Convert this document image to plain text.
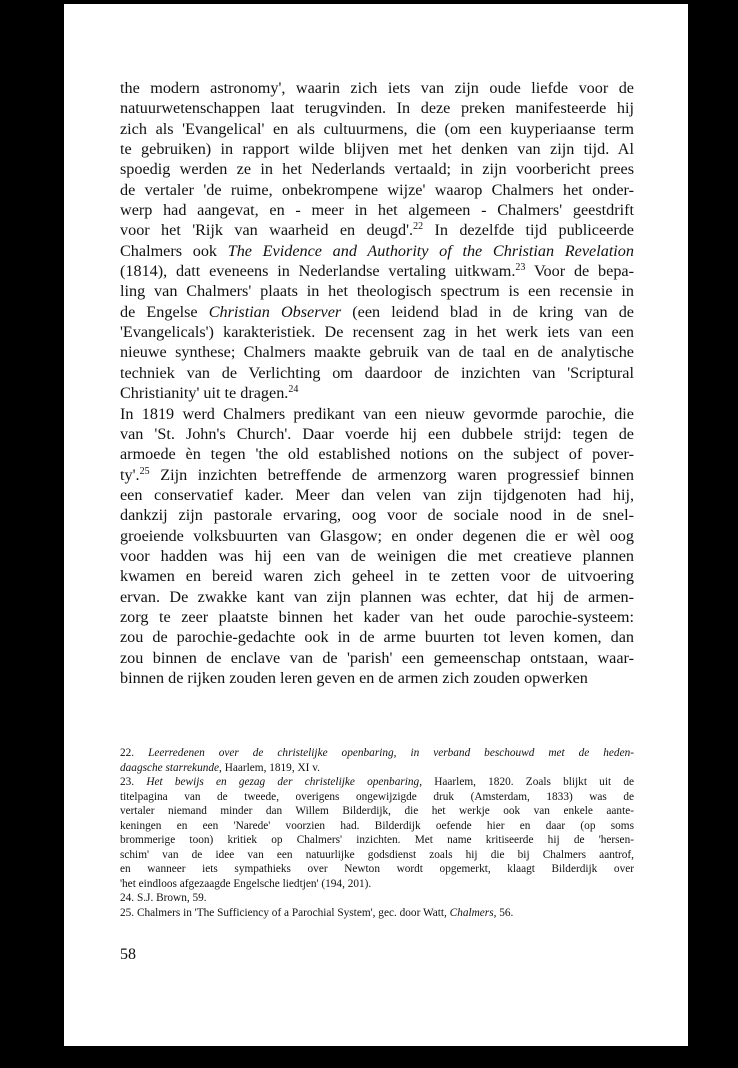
the modern astronomy', waarin zich iets van zijn oude liefde voor de
natuurwetenschappen laat terugvinden. In deze preken manifesteerde hij
zich als 'Evangelical' en als cultuurmens, die (om een kuyperiaanse term
te gebruiken) in rapport wilde blijven met het denken van zijn tijd. Al
spoedig werden ze in het Nederlands vertaald; in zijn voorbericht prees
de vertaler 'de ruime, onbekrompene wijze' waarop Chalmers het onder-
werp had aangevat, en - meer in het algemeen - Chalmers' geestdrift
voor het 'Rijk van waarheid en deugd'.$^{22}$ In dezelfde tijd publiceerde
Chalmers ook The Evidence and Authority of the Christian Revelation
(1814), datt eveneens in Nederlandse vertaling uitkwam.$^{23}$ Voor de bepa-
ling van Chalmers' plaats in het theologisch spectrum is een recensie in
de Engelse Christian Observer (een leidend blad in de kring van de
'Evangelicals') karakteristiek. De recensent zag in het werk iets van een
nieuwe synthese; Chalmers maakte gebruik van de taal en de analytische
techniek van de Verlichting om daardoor de inzichten van 'Scriptural
Christianity' uit te dragen.$^{24}$
In 1819 werd Chalmers predikant van een nieuw gevormde parochie, die
van 'St. John's Church'. Daar voerde hij een dubbele strijd: tegen de
armoede èn tegen 'the old established notions on the subject of pover-
ty'.$^{25}$ Zijn inzichten betreffende de armenzorg waren progressief binnen
een conservatief kader. Meer dan velen van zijn tijdgenoten had hij,
dankzij zijn pastorale ervaring, oog voor de sociale nood in de snel-
groeiende volksbuurten van Glasgow; en onder degenen die er wèl oog
voor hadden was hij een van de weinigen die met creatieve plannen
kwamen en bereid waren zich geheel in te zetten voor de uitvoering
ervan. De zwakke kant van zijn plannen was echter, dat hij de armen-
zorg te zeer plaatste binnen het kader van het oude parochie-systeem:
zou de parochie-gedachte ook in de arme buurten tot leven komen, dan
zou binnen de enclave van de 'parish' een gemeenschap ontstaan, waar-
binnen de rijken zouden leren geven en de armen zich zouden opwerken
22. Leerredenen over de christelijke openbaring, in verband beschouwd met de heden-
daagsche starrekunde, Haarlem, 1819, XI v.
23. Het bewijs en gezag der christelijke openbaring, Haarlem, 1820. Zoals blijkt uit de
titelpagina van de tweede, overigens ongewijzigde druk (Amsterdam, 1833) was de
vertaler niemand minder dan Willem Bilderdijk, die het werkje ook van enkele aante-
keningen en een 'Narede' voorzien had. Bilderdijk oefende hier en daar (op soms
brommerige toon) kritiek op Chalmers' inzichten. Met name kritiseerde hij de 'hersen-
schim' van de idee van een natuurlijke godsdienst zoals hij die bij Chalmers aantrof,
en wanneer iets sympathieks over Newton wordt opgemerkt, klaagt Bilderdijk over
'het eindloos afgezaagde Engelsche liedtjen' (194, 201).
24. S.J. Brown, 59.
25. Chalmers in 'The Sufficiency of a Parochial System', gec. door Watt, Chalmers, 56.
58
